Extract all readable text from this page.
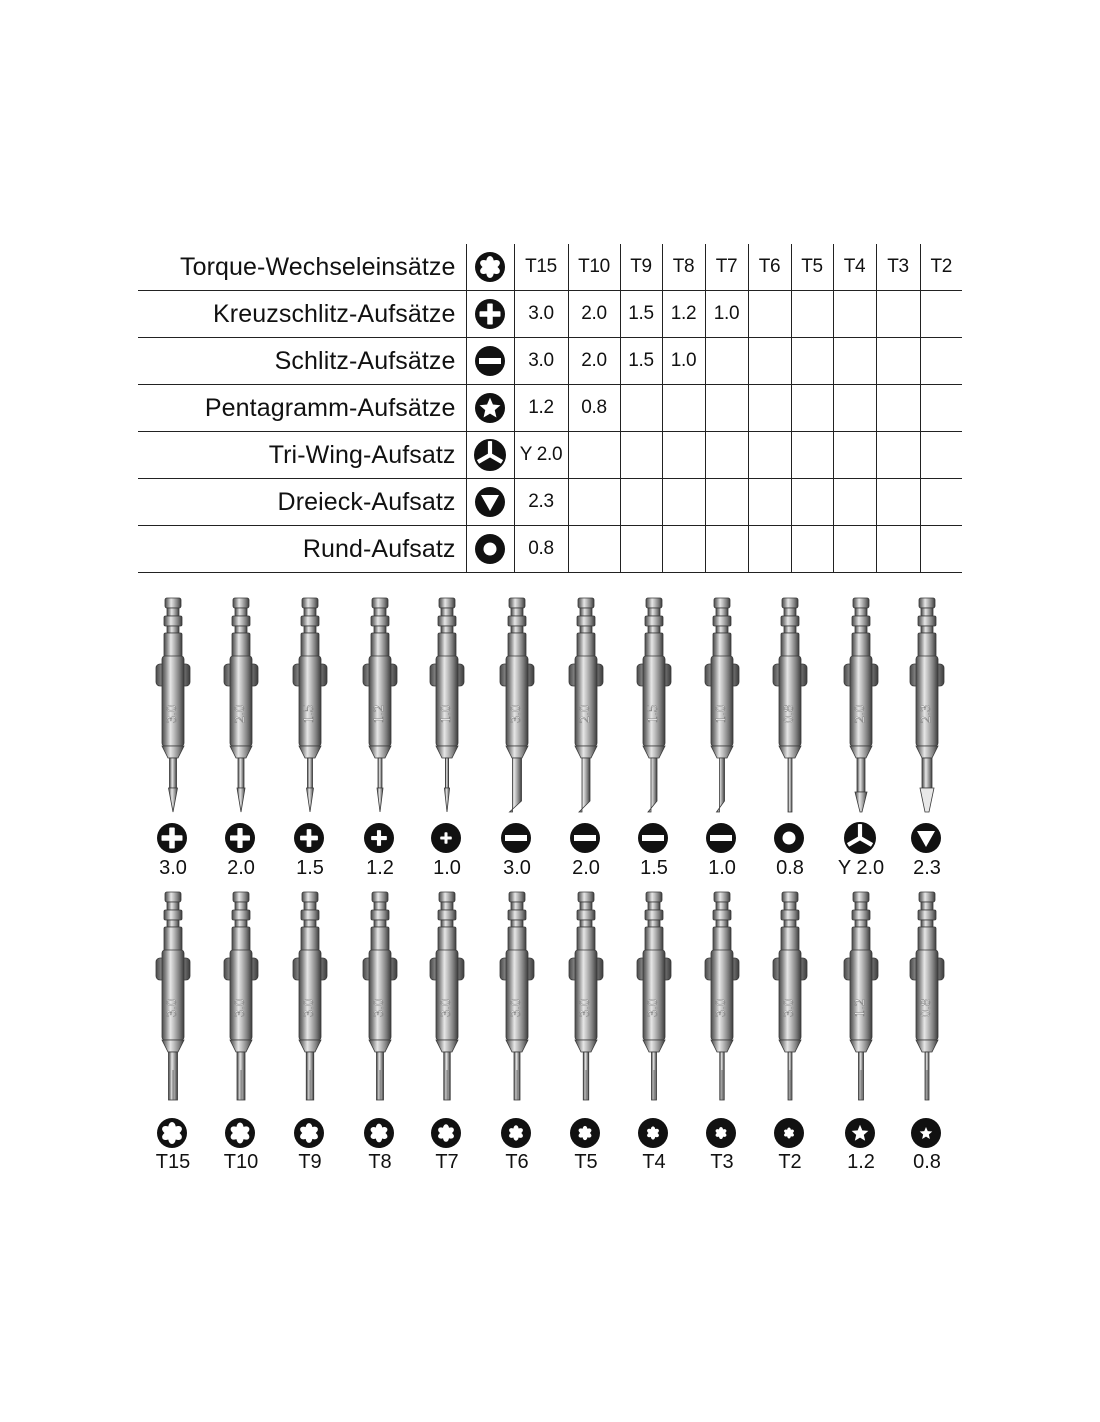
Torque-Wechseleinsätze		T15	T10	T9	T8	T7	T6	T5	T4	T3	T2
Kreuzschlitz-Aufsätze		3.0	2.0	1.5	1.2	1.0					
Schlitz-Aufsätze		3.0	2.0	1.5	1.0						
Pentagramm-Aufsätze		1.2	0.8								
Tri-Wing-Aufsatz		Y 2.0									
Dreieck-Aufsatz		2.3									
Rund-Aufsatz		0.8									
3.0
3.0
2.0
2.0
1.5
1.5
1.2
1.2
1.0
1.0
3.0
3.0
2.0
2.0
1.5
1.5
1.0
1.0
0.8
0.8
2.0
Y 2.0
2.3
2.3
3.0
T15
3.0
T10
3.0
T9
3.0
T8
3.0
T7
3.0
T6
3.0
T5
3.0
T4
3.0
T3
3.0
T2
1.2
1.2
0.8
0.8
